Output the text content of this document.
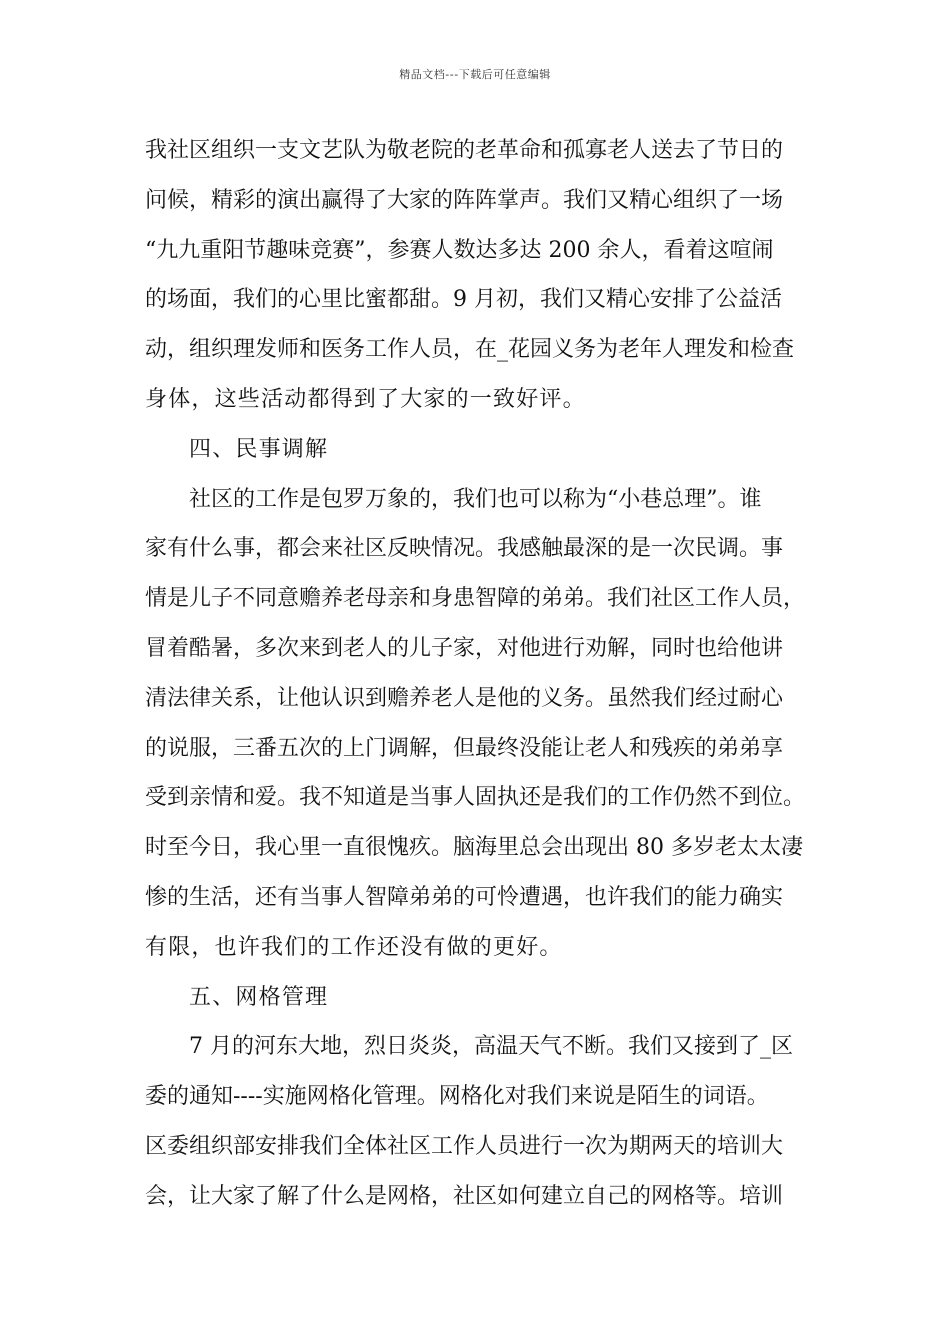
精品文档---下载后可任意编辑
我社区组织一支文艺队为敬老院的老革命和孤寡老人送去了节日的
问候，精彩的演出赢得了大家的阵阵掌声。我们又精心组织了一场
“九九重阳节趣味竞赛”，参赛人数达多达 200 余人，看着这喧闹
的场面，我们的心里比蜜都甜。9 月初，我们又精心安排了公益活
动，组织理发师和医务工作人员，在_花园义务为老年人理发和检查
身体，这些活动都得到了大家的一致好评。
四、民事调解
社区的工作是包罗万象的，我们也可以称为“小巷总理”。谁
家有什么事，都会来社区反映情况。我感触最深的是一次民调。事
情是儿子不同意赡养老母亲和身患智障的弟弟。我们社区工作人员，
冒着酷暑，多次来到老人的儿子家，对他进行劝解，同时也给他讲
清法律关系，让他认识到赡养老人是他的义务。虽然我们经过耐心
的说服，三番五次的上门调解，但最终没能让老人和残疾的弟弟享
受到亲情和爱。我不知道是当事人固执还是我们的工作仍然不到位。
时至今日，我心里一直很愧疚。脑海里总会出现出 80 多岁老太太凄
惨的生活，还有当事人智障弟弟的可怜遭遇，也许我们的能力确实
有限，也许我们的工作还没有做的更好。
五、网格管理
7 月的河东大地，烈日炎炎，高温天气不断。我们又接到了_区
委的通知----实施网格化管理。网格化对我们来说是陌生的词语。
区委组织部安排我们全体社区工作人员进行一次为期两天的培训大
会，让大家了解了什么是网格，社区如何建立自己的网格等。培训
